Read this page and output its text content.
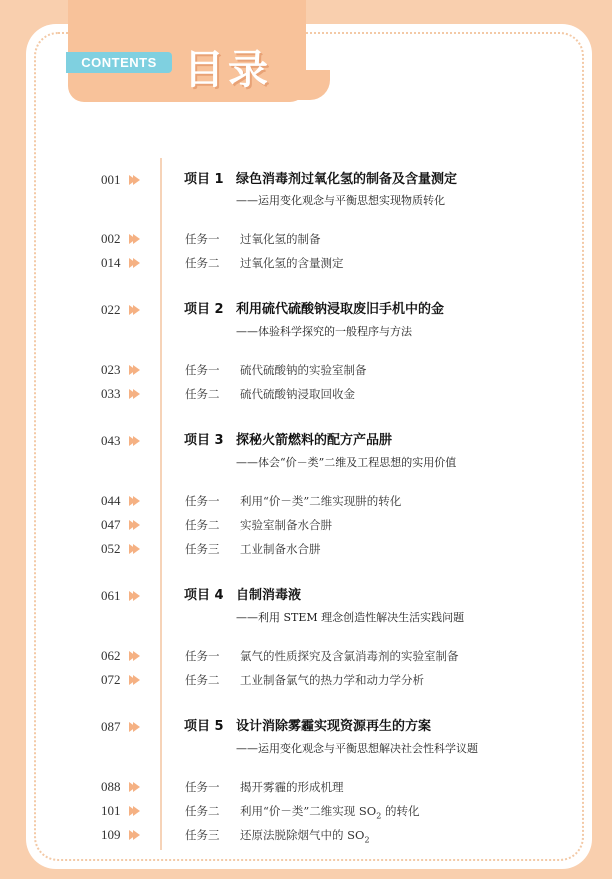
CONTENTS 目录
001	项目 1 绿色消毒剂过氧化氢的制备及含量测定
——运用变化观念与平衡思想实现物质转化
002	任务一 过氧化氢的制备
014	任务二 过氧化氢的含量测定
022	项目 2 利用硫代硫酸钠浸取废旧手机中的金
——体验科学探究的一般程序与方法
023	任务一 硫代硫酸钠的实验室制备
033	任务二 硫代硫酸钠浸取回收金
043	项目 3 探秘火箭燃料的配方产品肼
——体会“价－类”二维及工程思想的实用价值
044	任务一 利用“价－类”二维实现肼的转化
047	任务二 实验室制备水合肼
052	任务三 工业制备水合肼
061	项目 4 自制消毒液
——利用 STEM 理念创造性解决生活实践问题
062	任务一 氯气的性质探究及含氯消毒剂的实验室制备
072	任务二 工业制备氯气的热力学和动力学分析
087	项目 5 设计消除雾霾实现资源再生的方案
——运用变化观念与平衡思想解决社会性科学议题
088	任务一 揭开雾霾的形成机理
101	任务二 利用“价－类”二维实现 $SO_2$ 的转化
109	任务三 还原法脱除烟气中的 $SO_2$
